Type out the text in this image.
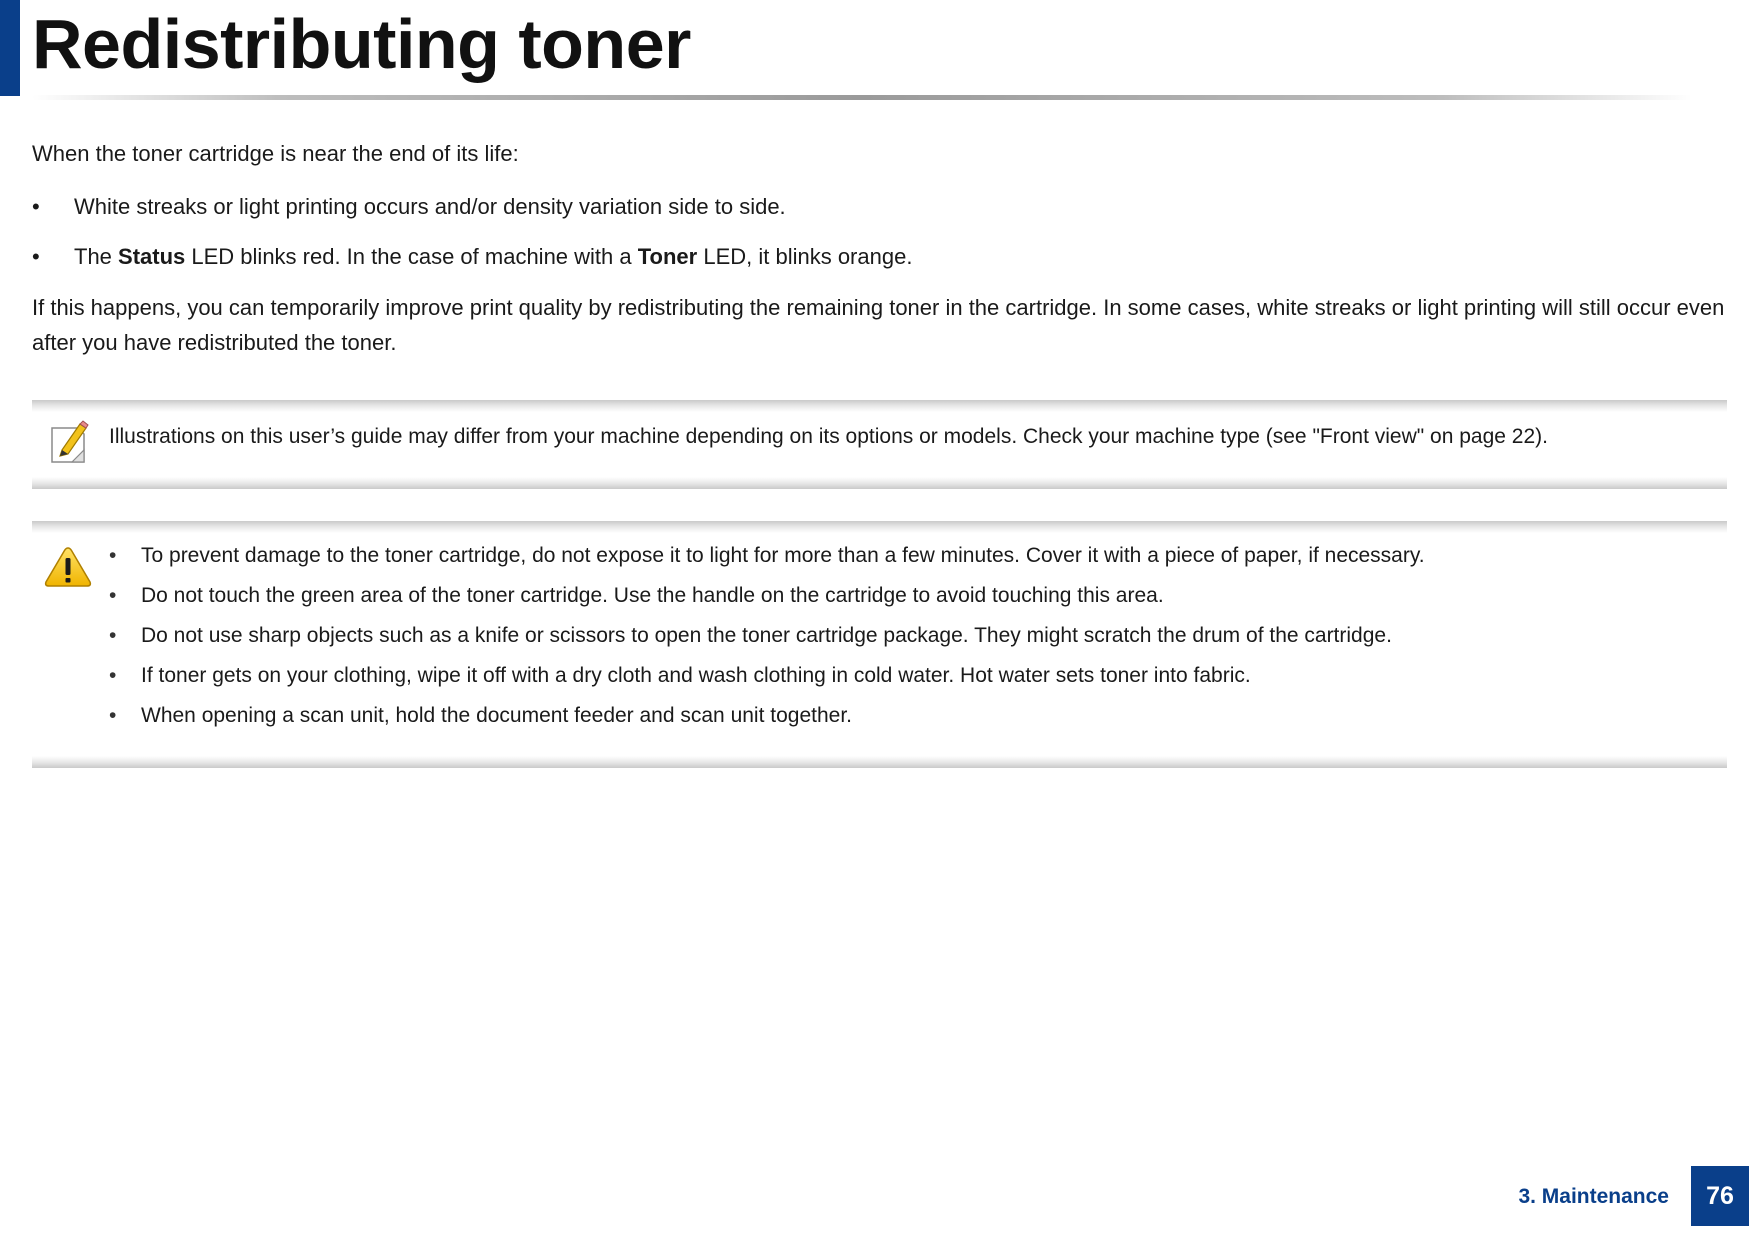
Redistributing toner
When the toner cartridge is near the end of its life:
• White streaks or light printing occurs and/or density variation side to side.
• The Status LED blinks red. In the case of machine with a Toner LED, it blinks orange.

If this happens, you can temporarily improve print quality by redistributing the remaining toner in the cartridge. In some cases, white streaks or light printing will still occur even after you have redistributed the toner.

Illustrations on this user’s guide may differ from your machine depending on its options or models. Check your machine type (see "Front view" on page 22).
• To prevent damage to the toner cartridge, do not expose it to light for more than a few minutes. Cover it with a piece of paper, if necessary.
• Do not touch the green area of the toner cartridge. Use the handle on the cartridge to avoid touching this area.
• Do not use sharp objects such as a knife or scissors to open the toner cartridge package. They might scratch the drum of the cartridge.
• If toner gets on your clothing, wipe it off with a dry cloth and wash clothing in cold water. Hot water sets toner into fabric.
• When opening a scan unit, hold the document feeder and scan unit together.
3. Maintenance	76
